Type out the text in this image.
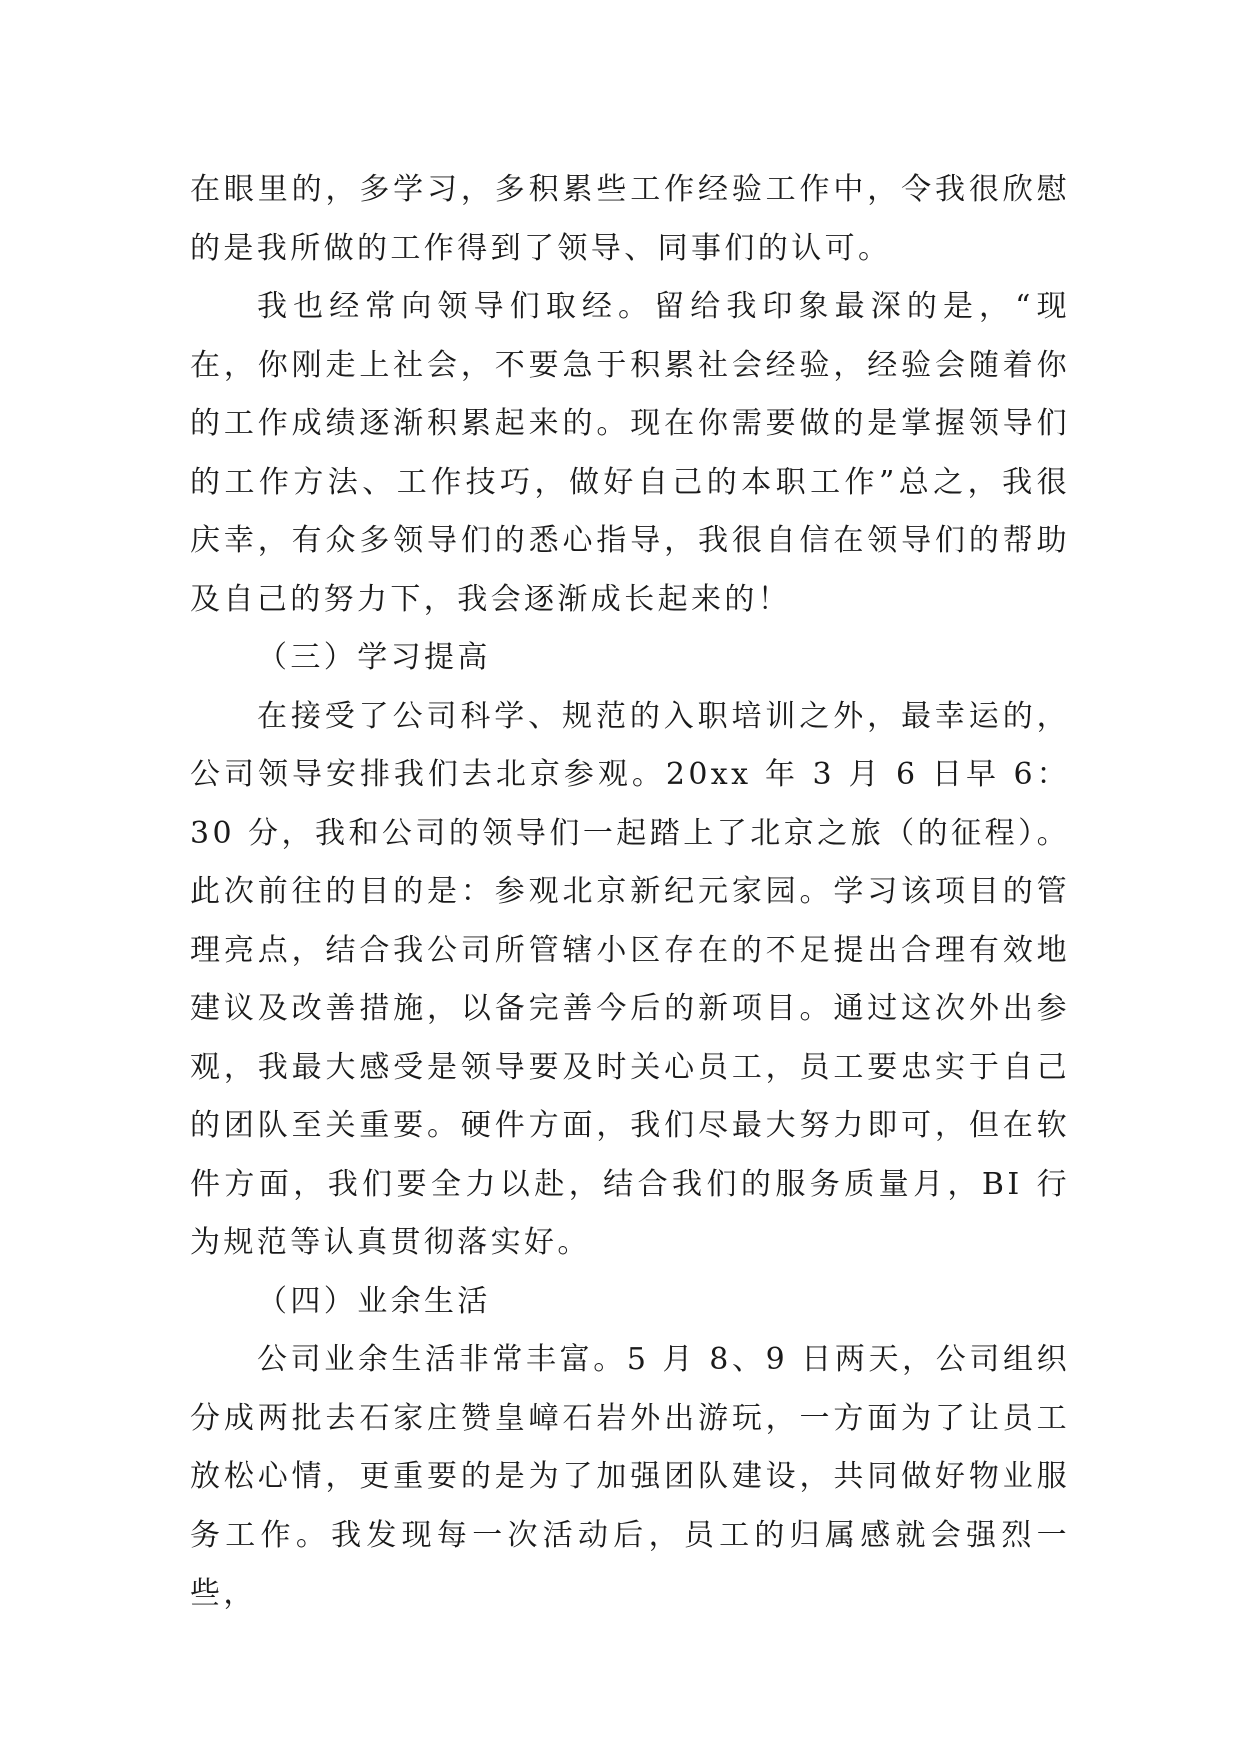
在眼里的，多学习，多积累些工作经验工作中，令我很欣慰的是我所做的工作得到了领导、同事们的认可。

我也经常向领导们取经。留给我印象最深的是，“现在，你刚走上社会，不要急于积累社会经验，经验会随着你的工作成绩逐渐积累起来的。现在你需要做的是掌握领导们的工作方法、工作技巧，做好自己的本职工作”总之，我很庆幸，有众多领导们的悉心指导，我很自信在领导们的帮助及自己的努力下，我会逐渐成长起来的！

（三）学习提高

在接受了公司科学、规范的入职培训之外，最幸运的，公司领导安排我们去北京参观。20xx 年 3 月 6 日早 6：30 分，我和公司的领导们一起踏上了北京之旅（的征程）。此次前往的目的是：参观北京新纪元家园。学习该项目的管理亮点，结合我公司所管辖小区存在的不足提出合理有效地建议及改善措施，以备完善今后的新项目。通过这次外出参观，我最大感受是领导要及时关心员工，员工要忠实于自己的团队至关重要。硬件方面，我们尽最大努力即可，但在软件方面，我们要全力以赴，结合我们的服务质量月，BI 行为规范等认真贯彻落实好。

（四）业余生活

公司业余生活非常丰富。5 月 8、9 日两天，公司组织分成两批去石家庄赞皇嶂石岩外出游玩，一方面为了让员工放松心情，更重要的是为了加强团队建设，共同做好物业服务工作。我发现每一次活动后，员工的归属感就会强烈一些，
